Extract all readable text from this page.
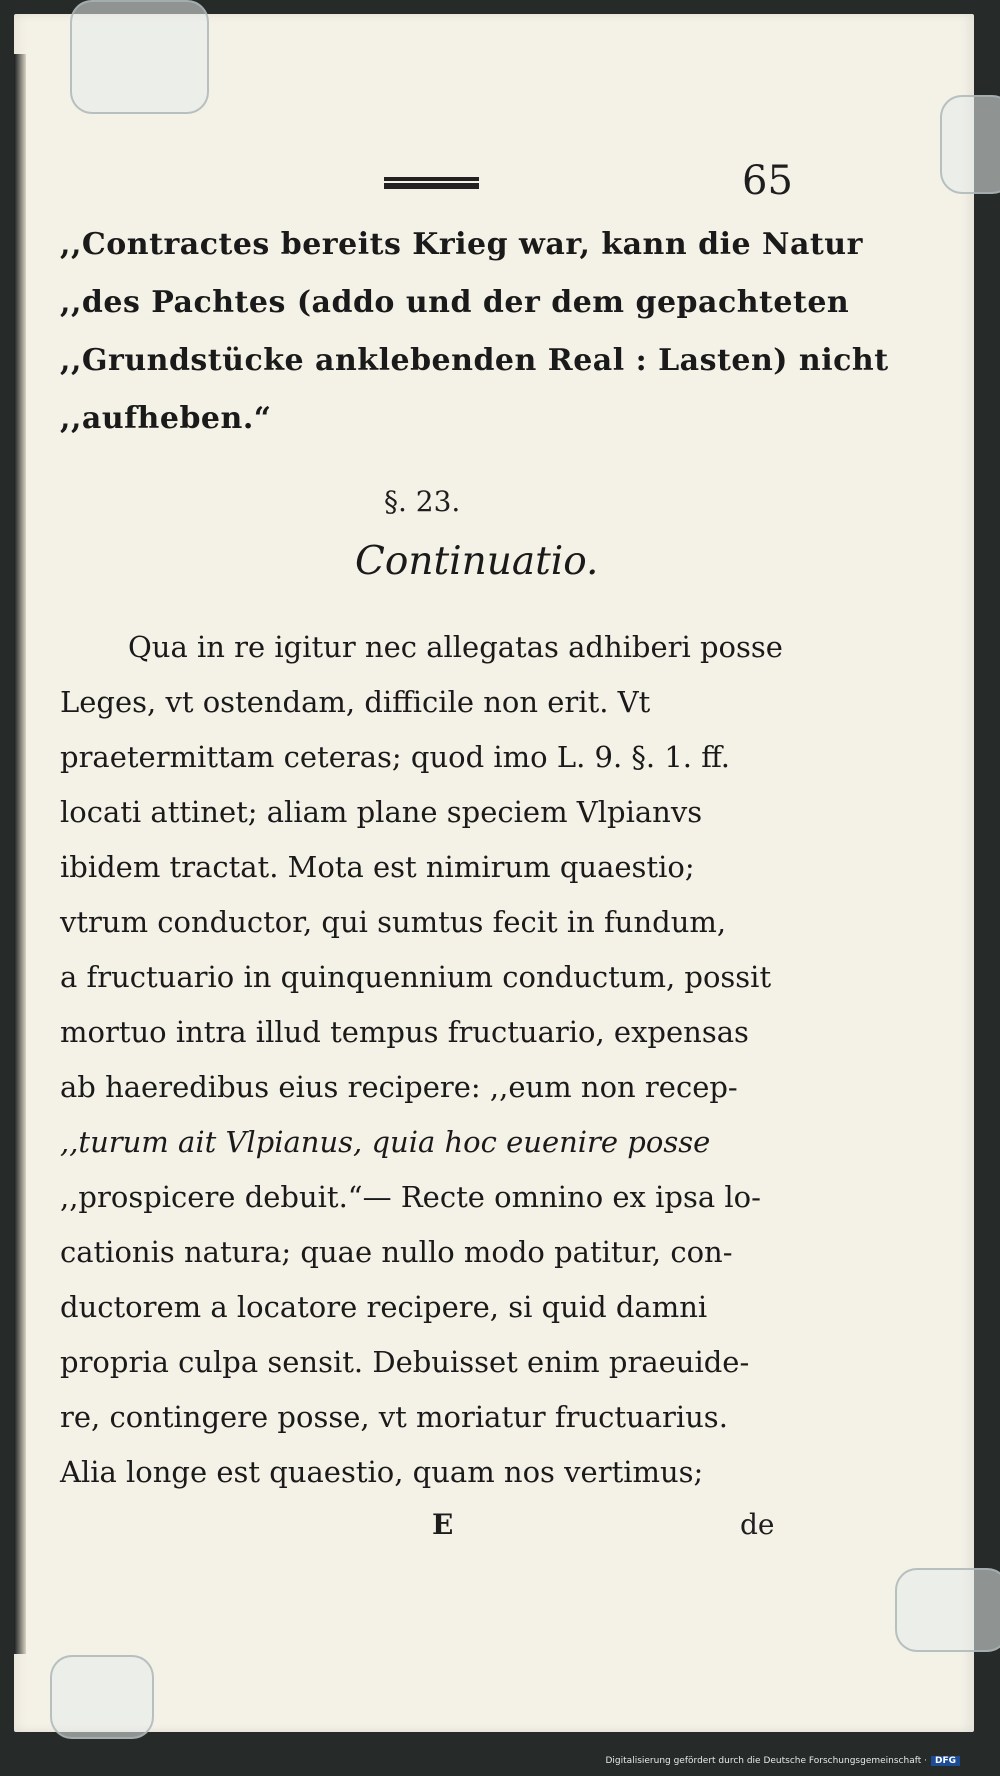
65
,,Contractes bereits Krieg war, kann die Natur
,,des Pachtes (addo und der dem gepachteten
,,Grundstücke anklebenden Real : Lasten) nicht
,,aufheben.“
§. 23.
Continuatio.
Qua in re igitur nec allegatas adhiberi posse
Leges, vt ostendam, difficile non erit. Vt
praetermittam ceteras; quod imo L. 9. §. 1. ff.
locati attinet; aliam plane speciem Vlpianvs
ibidem tractat. Mota est nimirum quaestio;
vtrum conductor, qui sumtus fecit in fundum,
a fructuario in quinquennium conductum, possit
mortuo intra illud tempus fructuario, expensas
ab haeredibus eius recipere: ,,eum non recep-
,,turum ait Vlpianus, quia hoc euenire posse
,,prospicere debuit.“— Recte omnino ex ipsa lo-
cationis natura; quae nullo modo patitur, con-
ductorem a locatore recipere, si quid damni
propria culpa sensit. Debuisset enim praeuide-
re, contingere posse, vt moriatur fructuarius.
Alia longe est quaestio, quam nos vertimus;
E	de
Digitalisierung gefördert durch die Deutsche Forschungsgemeinschaft · DFG
